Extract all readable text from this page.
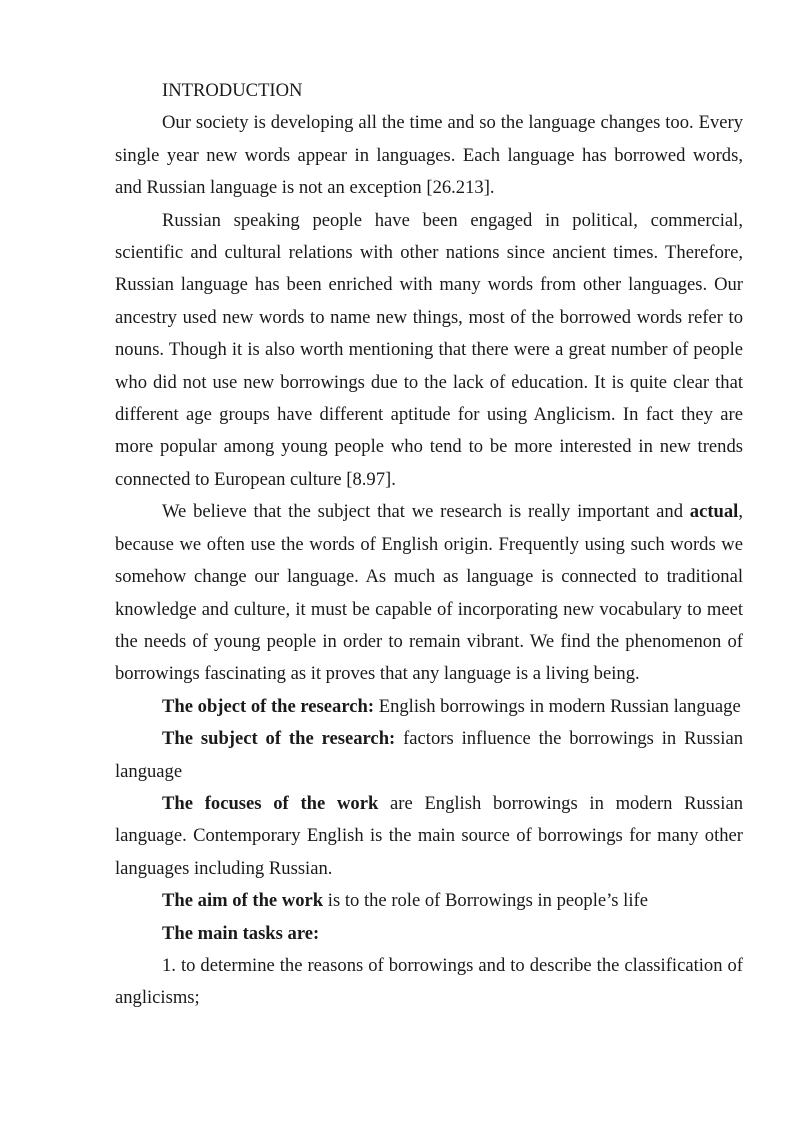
INTRODUCTION

Our society is developing all the time and so the language changes too. Every single year new words appear in languages. Each language has borrowed words, and Russian language is not an exception [26.213].

Russian speaking people have been engaged in political, commercial, scientific and cultural relations with other nations since ancient times. Therefore, Russian language has been enriched with many words from other languages. Our ancestry used new words to name new things, most of the borrowed words refer to nouns. Though it is also worth mentioning that there were a great number of people who did not use new borrowings due to the lack of education. It is quite clear that different age groups have different aptitude for using Anglicism. In fact they are more popular among young people who tend to be more interested in new trends connected to European culture [8.97].

We believe that the subject that we research is really important and actual, because we often use the words of English origin. Frequently using such words we somehow change our language. As much as language is connected to traditional knowledge and culture, it must be capable of incorporating new vocabulary to meet the needs of young people in order to remain vibrant. We find the phenomenon of borrowings fascinating as it proves that any language is a living being.

The object of the research: English borrowings in modern Russian language

The subject of the research: factors influence the borrowings in Russian language

The focuses of the work are English borrowings in modern Russian language. Contemporary English is the main source of borrowings for many other languages including Russian.

The aim of the work is to the role of Borrowings in people’s life

The main tasks are:

1. to determine the reasons of borrowings and to describe the classification of anglicisms;
